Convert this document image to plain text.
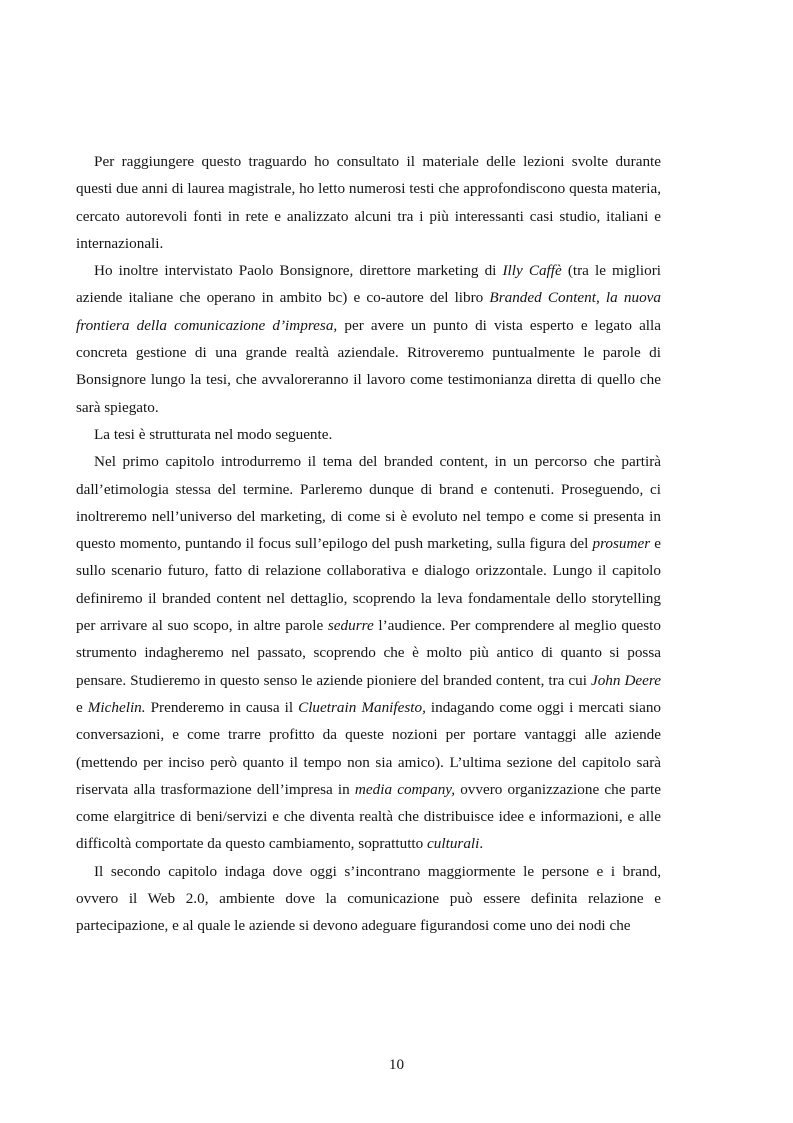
Per raggiungere questo traguardo ho consultato il materiale delle lezioni svolte durante questi due anni di laurea magistrale, ho letto numerosi testi che approfondiscono questa materia, cercato autorevoli fonti in rete e analizzato alcuni tra i più interessanti casi studio, italiani e internazionali.

Ho inoltre intervistato Paolo Bonsignore, direttore marketing di Illy Caffè (tra le migliori aziende italiane che operano in ambito bc) e co-autore del libro Branded Content, la nuova frontiera della comunicazione d’impresa, per avere un punto di vista esperto e legato alla concreta gestione di una grande realtà aziendale. Ritroveremo puntualmente le parole di Bonsignore lungo la tesi, che avvaloreranno il lavoro come testimonianza diretta di quello che sarà spiegato.

La tesi è strutturata nel modo seguente.

Nel primo capitolo introdurremo il tema del branded content, in un percorso che partirà dall’etimologia stessa del termine. Parleremo dunque di brand e contenuti. Proseguendo, ci inoltreremo nell’universo del marketing, di come si è evoluto nel tempo e come si presenta in questo momento, puntando il focus sull’epilogo del push marketing, sulla figura del prosumer e sullo scenario futuro, fatto di relazione collaborativa e dialogo orizzontale. Lungo il capitolo definiremo il branded content nel dettaglio, scoprendo la leva fondamentale dello storytelling per arrivare al suo scopo, in altre parole sedurre l’audience. Per comprendere al meglio questo strumento indagheremo nel passato, scoprendo che è molto più antico di quanto si possa pensare. Studieremo in questo senso le aziende pioniere del branded content, tra cui John Deere e Michelin. Prenderemo in causa il Cluetrain Manifesto, indagando come oggi i mercati siano conversazioni, e come trarre profitto da queste nozioni per portare vantaggi alle aziende (mettendo per inciso però quanto il tempo non sia amico). L’ultima sezione del capitolo sarà riservata alla trasformazione dell’impresa in media company, ovvero organizzazione che parte come elargitrice di beni/servizi e che diventa realtà che distribuisce idee e informazioni, e alle difficoltà comportate da questo cambiamento, soprattutto culturali.

Il secondo capitolo indaga dove oggi s’incontrano maggiormente le persone e i brand, ovvero il Web 2.0, ambiente dove la comunicazione può essere definita relazione e partecipazione, e al quale le aziende si devono adeguare figurandosi come uno dei nodi che

10
